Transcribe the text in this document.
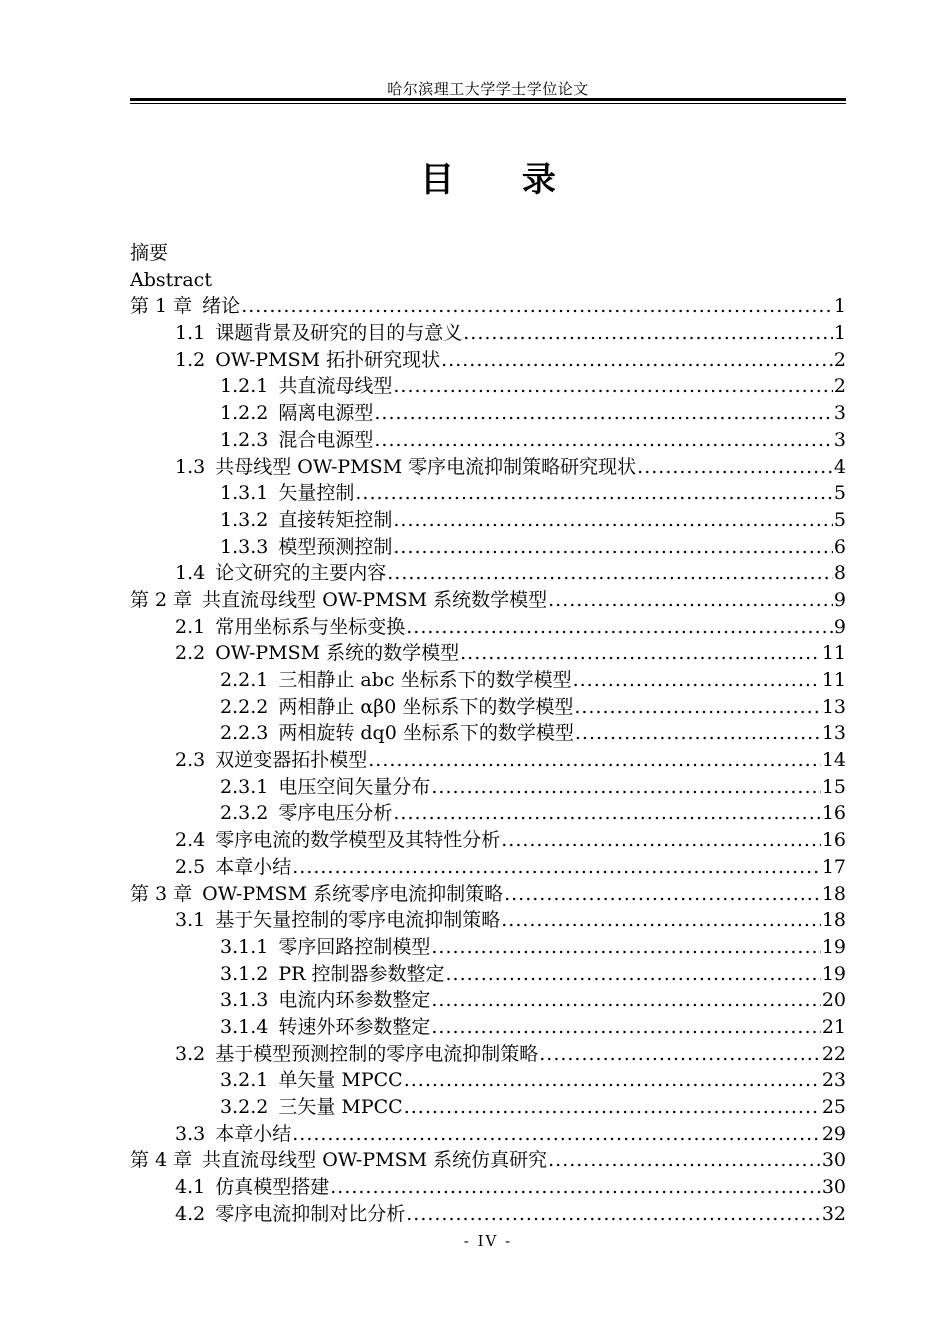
哈尔滨理工大学学士学位论文
目 录
摘要
Abstract
第 1 章 绪论 .....	1
1.1 课题背景及研究的目的与意义 .....	1
1.2 OW-PMSM 拓扑研究现状 .....	2
1.2.1 共直流母线型 .....	2
1.2.2 隔离电源型 .....	3
1.2.3 混合电源型 .....	3
1.3 共母线型 OW-PMSM 零序电流抑制策略研究现状 .....	4
1.3.1 矢量控制 .....	5
1.3.2 直接转矩控制 .....	5
1.3.3 模型预测控制 .....	6
1.4 论文研究的主要内容 .....	8
第 2 章 共直流母线型 OW-PMSM 系统数学模型 .....	9
2.1 常用坐标系与坐标变换 .....	9
2.2 OW-PMSM 系统的数学模型 .....	11
2.2.1 三相静止 abc 坐标系下的数学模型 .....	11
2.2.2 两相静止 αβ0 坐标系下的数学模型 .....	13
2.2.3 两相旋转 dq0 坐标系下的数学模型 .....	13
2.3 双逆变器拓扑模型 .....	14
2.3.1 电压空间矢量分布 .....	15
2.3.2 零序电压分析 .....	16
2.4 零序电流的数学模型及其特性分析 .....	16
2.5 本章小结 .....	17
第 3 章 OW-PMSM 系统零序电流抑制策略 .....	18
3.1 基于矢量控制的零序电流抑制策略 .....	18
3.1.1 零序回路控制模型 .....	19
3.1.2 PR 控制器参数整定 .....	19
3.1.3 电流内环参数整定 .....	20
3.1.4 转速外环参数整定 .....	21
3.2 基于模型预测控制的零序电流抑制策略 .....	22
3.2.1 单矢量 MPCC .....	23
3.2.2 三矢量 MPCC .....	25
3.3 本章小结 .....	29
第 4 章 共直流母线型 OW-PMSM 系统仿真研究 .....	30
4.1 仿真模型搭建 .....	30
4.2 零序电流抑制对比分析 .....	32
- IV -
